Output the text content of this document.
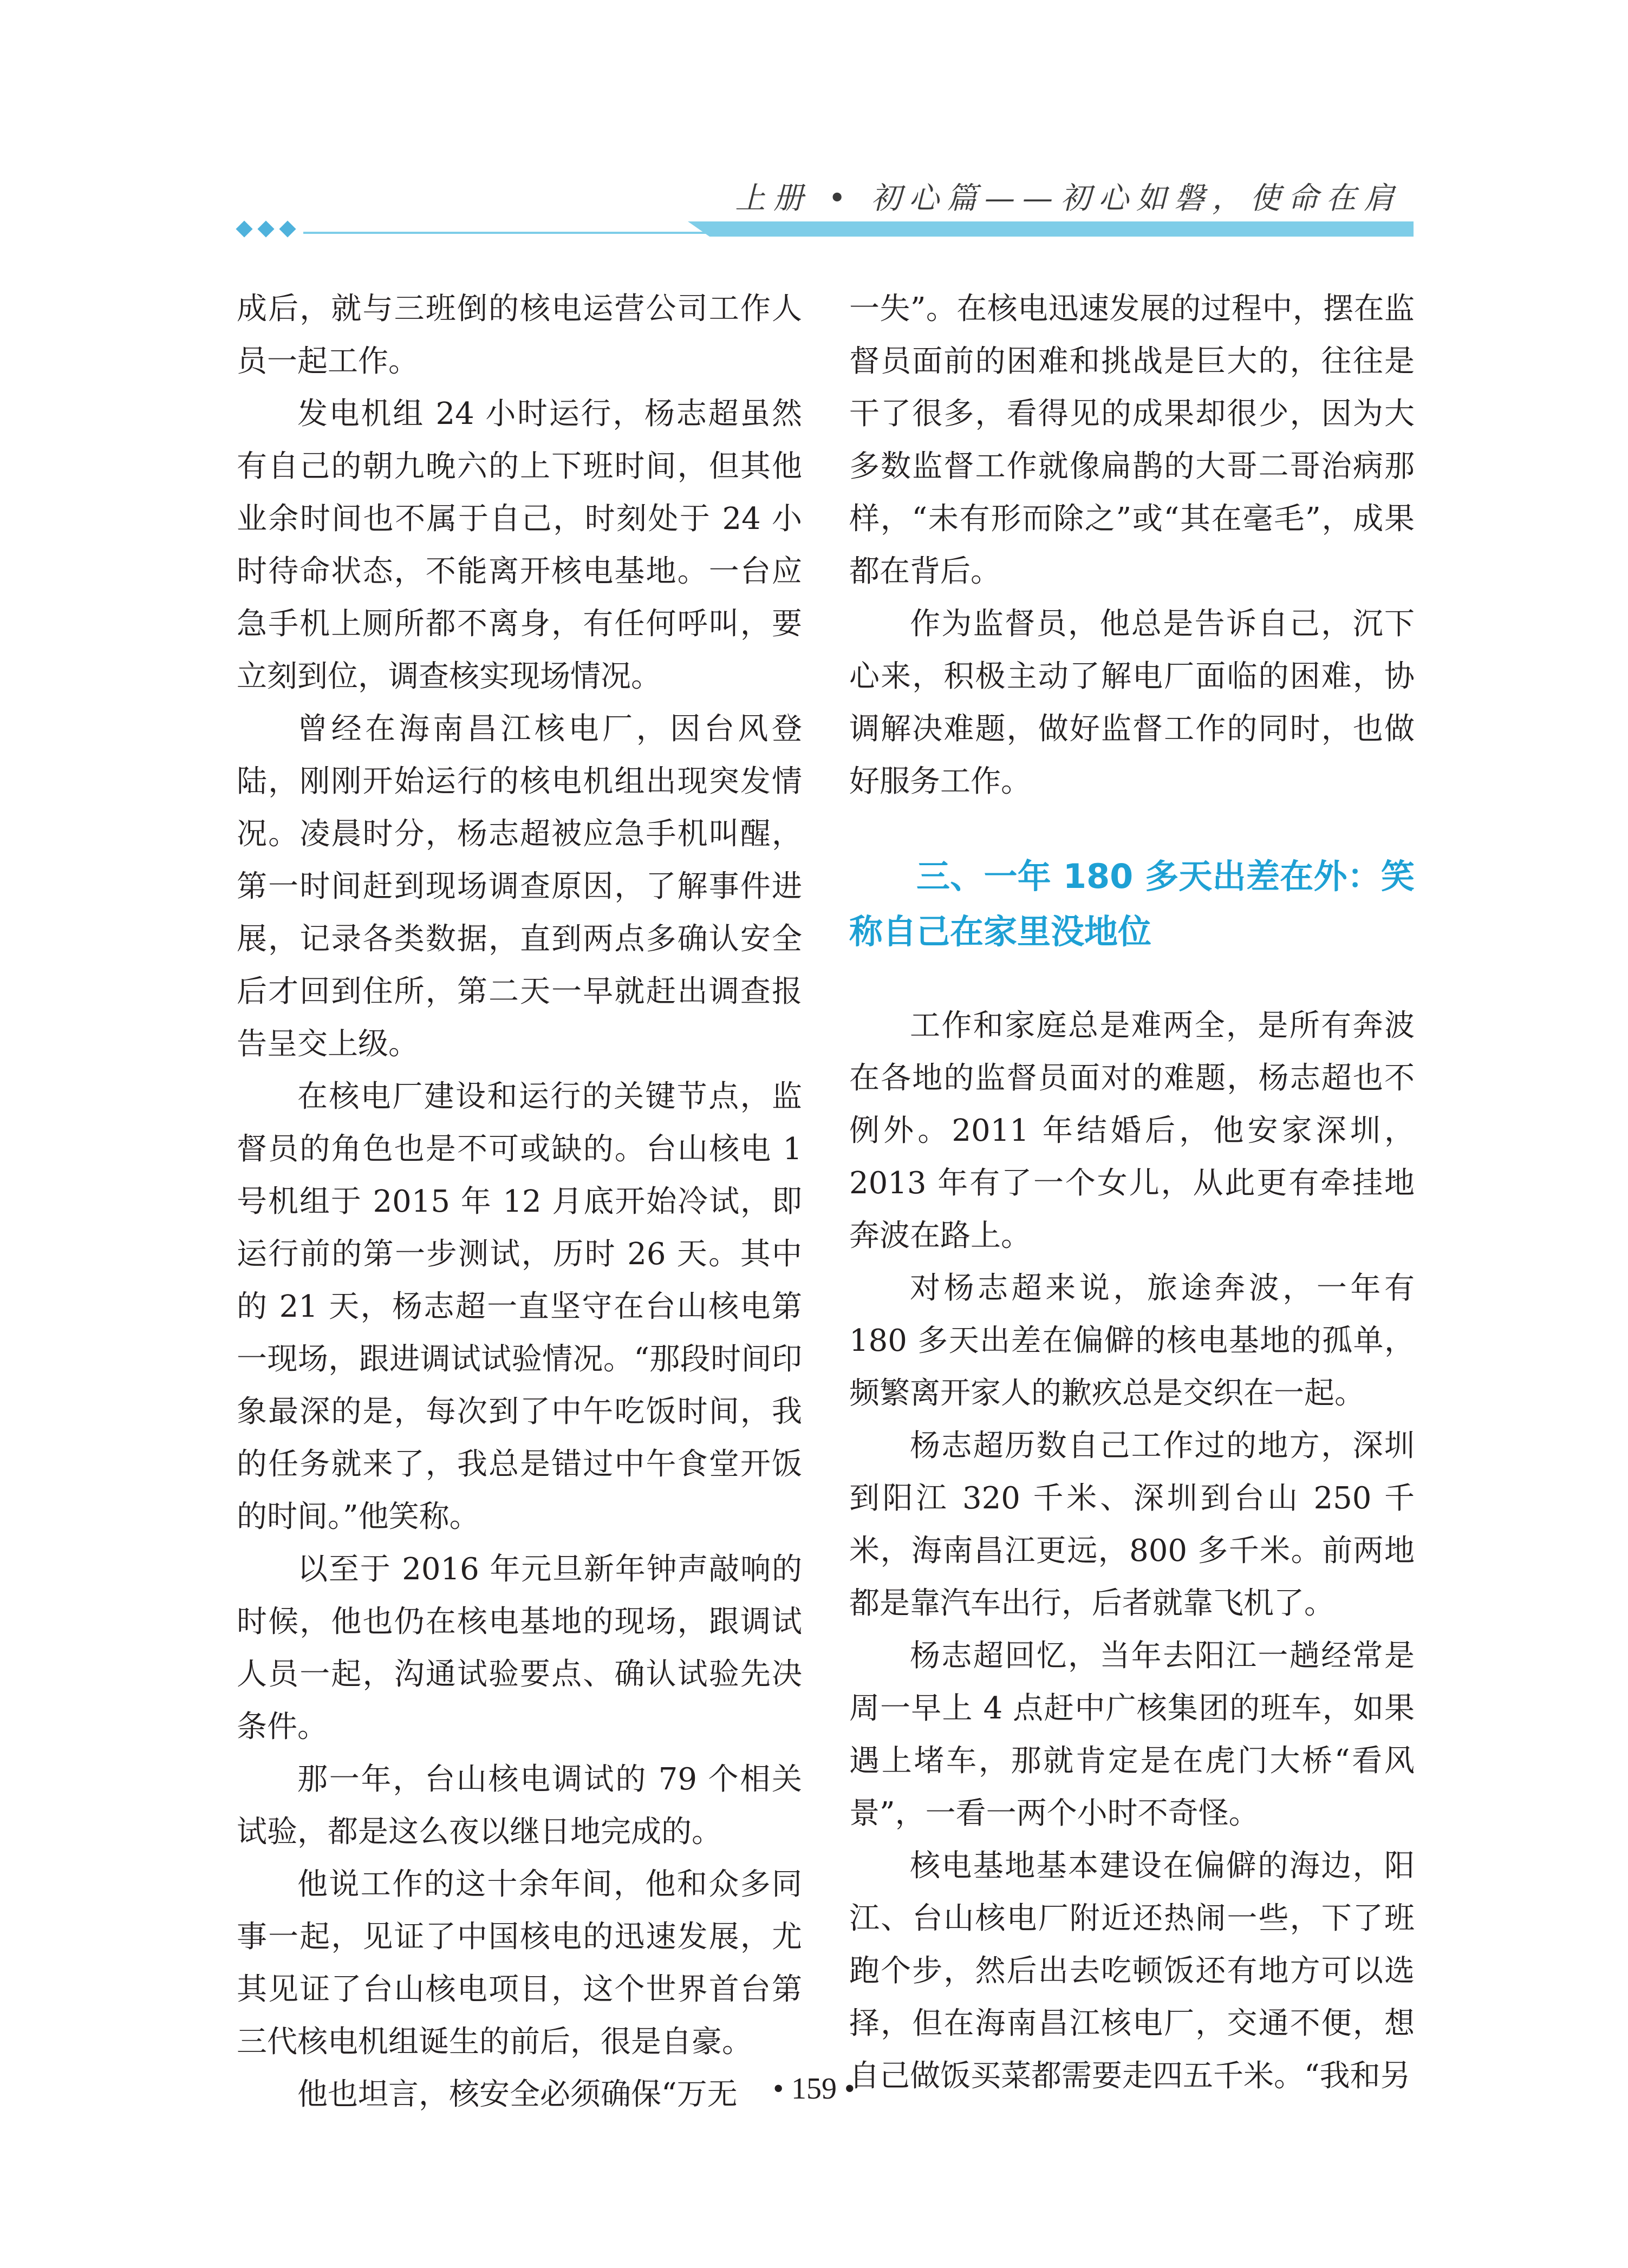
上册 • 初心篇——初心如磐，使命在肩

成后，就与三班倒的核电运营公司工作人员一起工作。

发电机组 24 小时运行，杨志超虽然有自己的朝九晚六的上下班时间，但其他业余时间也不属于自己，时刻处于 24 小时待命状态，不能离开核电基地。一台应急手机上厕所都不离身，有任何呼叫，要立刻到位，调查核实现场情况。

曾经在海南昌江核电厂，因台风登陆，刚刚开始运行的核电机组出现突发情况。凌晨时分，杨志超被应急手机叫醒，第一时间赶到现场调查原因，了解事件进展，记录各类数据，直到两点多确认安全后才回到住所，第二天一早就赶出调查报告呈交上级。

在核电厂建设和运行的关键节点，监督员的角色也是不可或缺的。台山核电 1 号机组于 2015 年 12 月底开始冷试，即运行前的第一步测试，历时 26 天。其中的 21 天，杨志超一直坚守在台山核电第一现场，跟进调试试验情况。“那段时间印象最深的是，每次到了中午吃饭时间，我的任务就来了，我总是错过中午食堂开饭的时间。”他笑称。

以至于 2016 年元旦新年钟声敲响的时候，他也仍在核电基地的现场，跟调试人员一起，沟通试验要点、确认试验先决条件。

那一年，台山核电调试的 79 个相关试验，都是这么夜以继日地完成的。

他说工作的这十余年间，他和众多同事一起，见证了中国核电的迅速发展，尤其见证了台山核电项目，这个世界首台第三代核电机组诞生的前后，很是自豪。

他也坦言，核安全必须确保“万无

一失”。在核电迅速发展的过程中，摆在监督员面前的困难和挑战是巨大的，往往是干了很多，看得见的成果却很少，因为大多数监督工作就像扁鹊的大哥二哥治病那样，“未有形而除之”或“其在毫毛”，成果都在背后。

作为监督员，他总是告诉自己，沉下心来，积极主动了解电厂面临的困难，协调解决难题，做好监督工作的同时，也做好服务工作。

三、一年 180 多天出差在外：笑称自己在家里没地位

工作和家庭总是难两全，是所有奔波在各地的监督员面对的难题，杨志超也不例外。2011 年结婚后，他安家深圳，2013 年有了一个女儿，从此更有牵挂地奔波在路上。

对杨志超来说，旅途奔波，一年有 180 多天出差在偏僻的核电基地的孤单，频繁离开家人的歉疚总是交织在一起。

杨志超历数自己工作过的地方，深圳到阳江 320 千米、深圳到台山 250 千米，海南昌江更远，800 多千米。前两地都是靠汽车出行，后者就靠飞机了。

杨志超回忆，当年去阳江一趟经常是周一早上 4 点赶中广核集团的班车，如果遇上堵车，那就肯定是在虎门大桥“看风景”，一看一两个小时不奇怪。

核电基地基本建设在偏僻的海边，阳江、台山核电厂附近还热闹一些，下了班跑个步，然后出去吃顿饭还有地方可以选择，但在海南昌江核电厂，交通不便，想自己做饭买菜都需要走四五千米。“我和另

• 159 •
